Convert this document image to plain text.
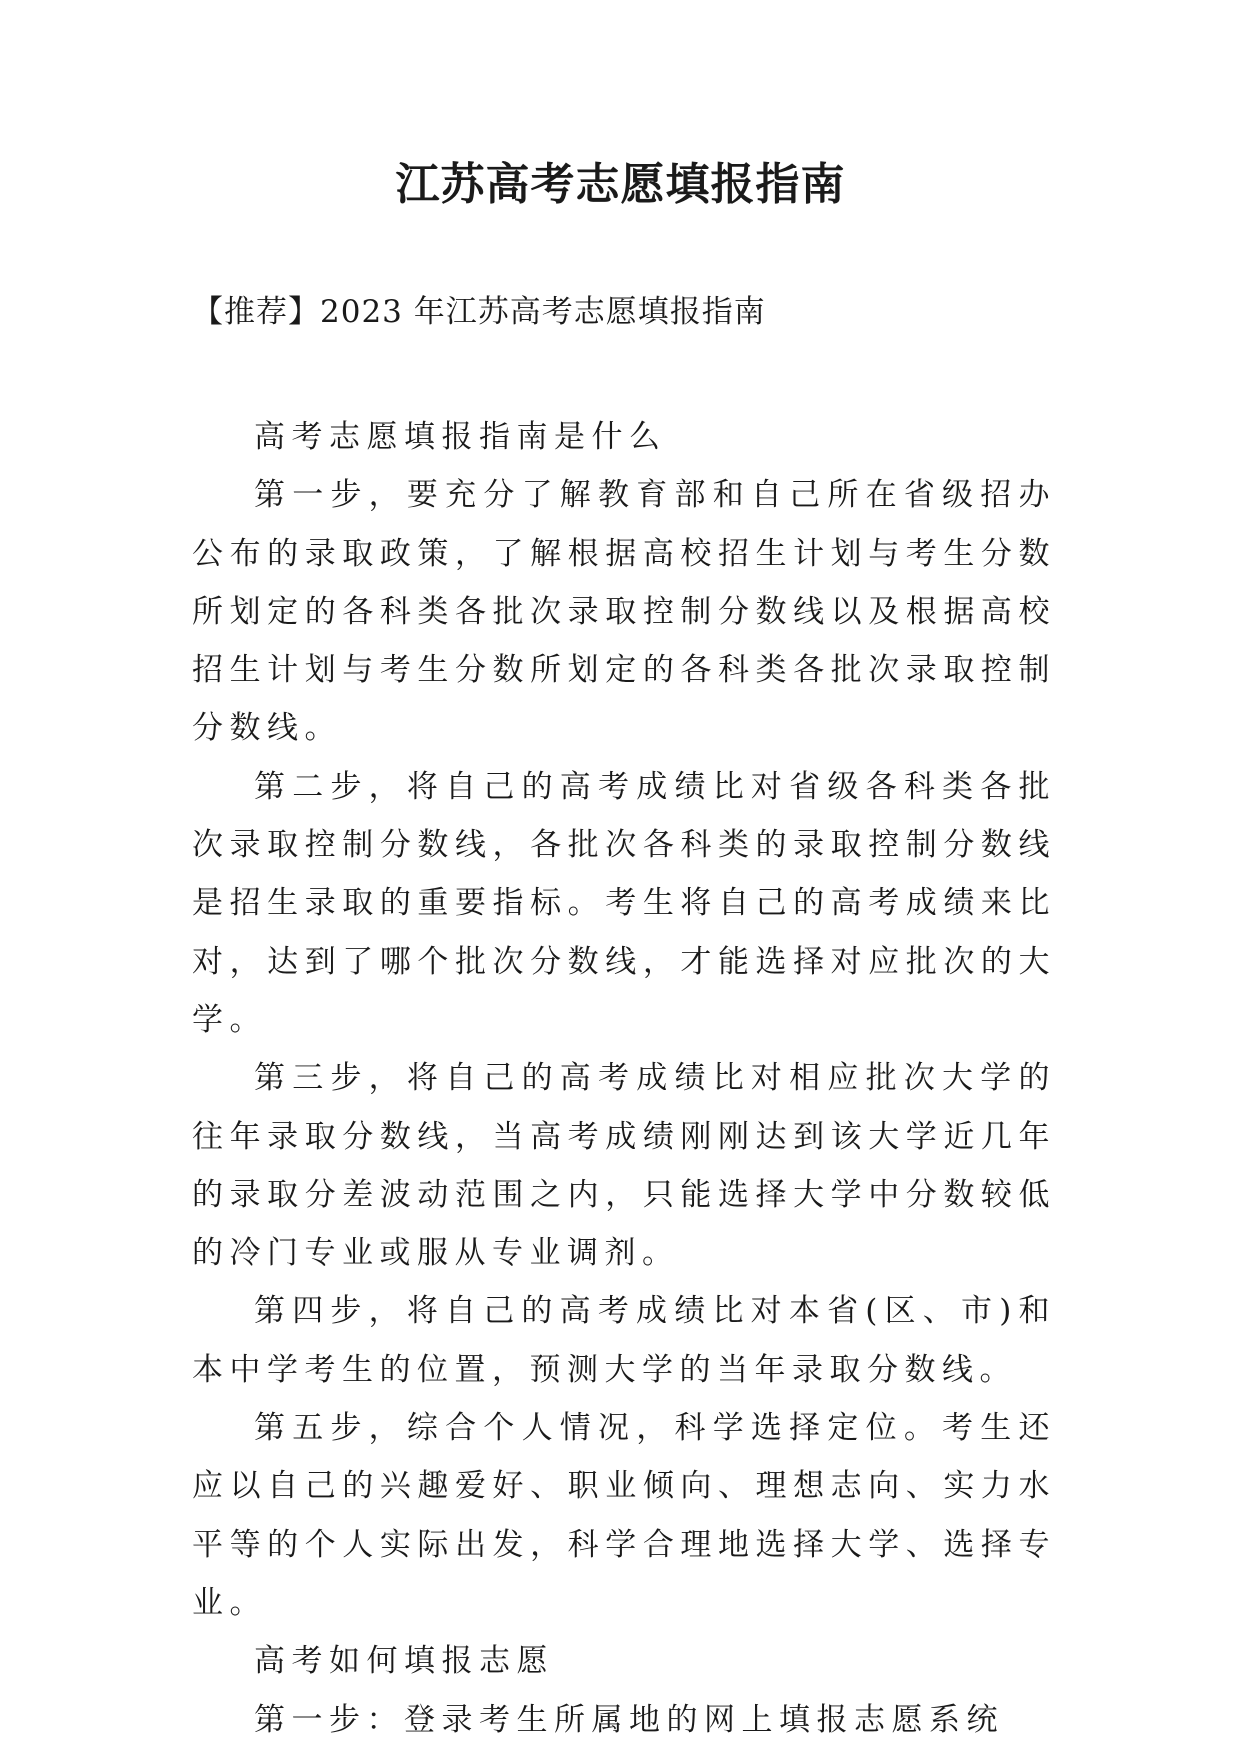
江苏高考志愿填报指南
【推荐】2023 年江苏高考志愿填报指南

高考志愿填报指南是什么

第一步，要充分了解教育部和自己所在省级招办公布的录取政策，了解根据高校招生计划与考生分数所划定的各科类各批次录取控制分数线以及根据高校招生计划与考生分数所划定的各科类各批次录取控制分数线。

第二步，将自己的高考成绩比对省级各科类各批次录取控制分数线，各批次各科类的录取控制分数线是招生录取的重要指标。考生将自己的高考成绩来比对，达到了哪个批次分数线，才能选择对应批次的大学。

第三步，将自己的高考成绩比对相应批次大学的往年录取分数线，当高考成绩刚刚达到该大学近几年的录取分差波动范围之内，只能选择大学中分数较低的冷门专业或服从专业调剂。

第四步，将自己的高考成绩比对本省(区、市)和本中学考生的位置，预测大学的当年录取分数线。

第五步，综合个人情况，科学选择定位。考生还应以自己的兴趣爱好、职业倾向、理想志向、实力水平等的个人实际出发，科学合理地选择大学、选择专业。

高考如何填报志愿

第一步：登录考生所属地的网上填报志愿系统
